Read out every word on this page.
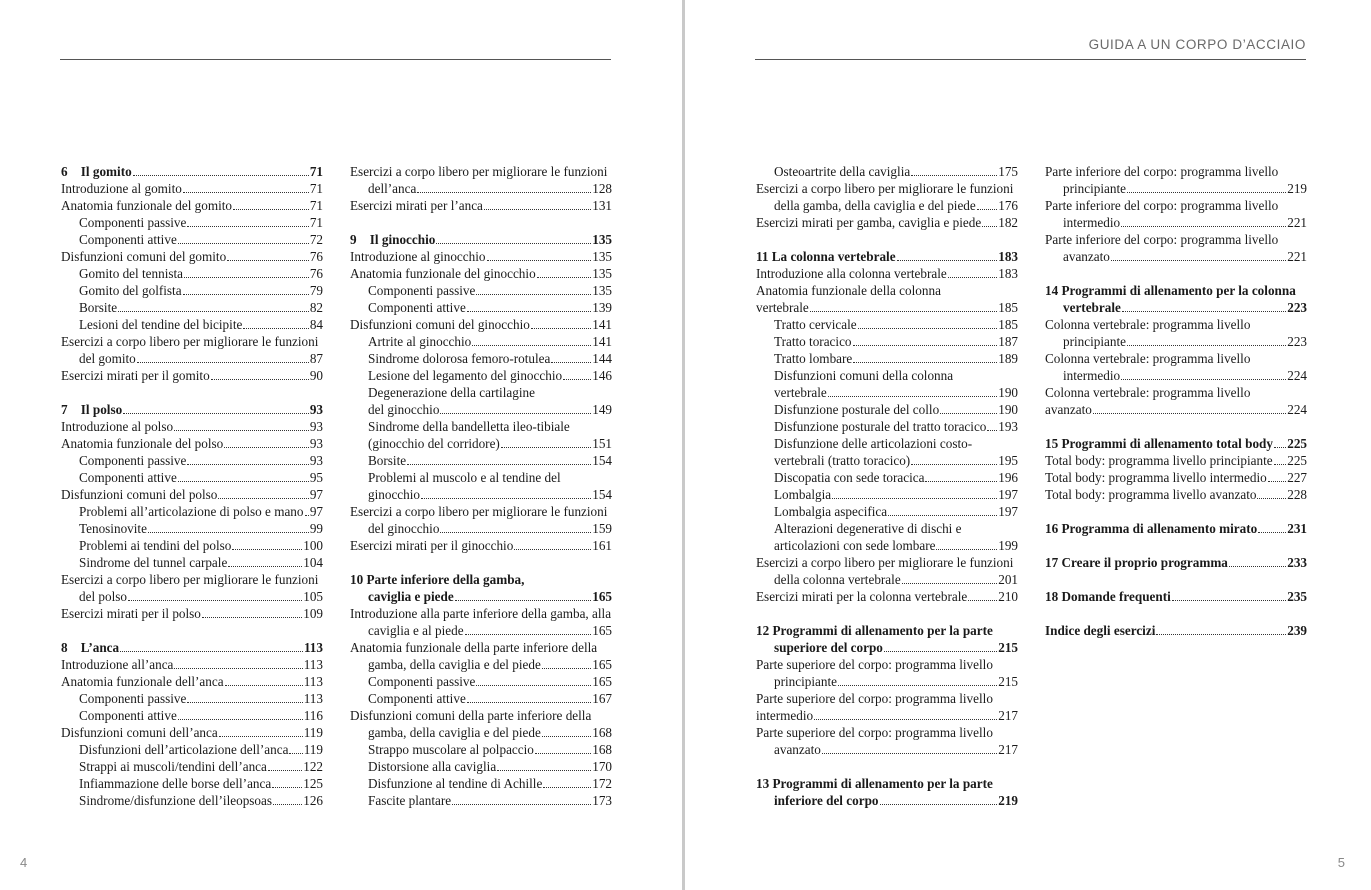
6 Il gomito	71
Introduzione al gomito	71
Anatomia funzionale del gomito	71
Componenti passive	71
Componenti attive	72
Disfunzioni comuni del gomito	76
Gomito del tennista	76
Gomito del golfista	79
Borsite	82
Lesioni del tendine del bicipite	84
Esercizi a corpo libero per migliorare le funzioni
del gomito	87
Esercizi mirati per il gomito	90
7 Il polso	93
Introduzione al polso	93
Anatomia funzionale del polso	93
Componenti passive	93
Componenti attive	95
Disfunzioni comuni del polso	97
Problemi all’articolazione di polso e mano 97
Tenosinovite	99
Problemi ai tendini del polso	100
Sindrome del tunnel carpale	104
Esercizi a corpo libero per migliorare le funzioni
del polso	105
Esercizi mirati per il polso	109
8 L’anca	113
Introduzione all’anca	113
Anatomia funzionale dell’anca	113
Componenti passive	113
Componenti attive	116
Disfunzioni comuni dell’anca	119
Disfunzioni dell’articolazione dell’anca 119
Strappi ai muscoli/tendini dell’anca	122
Infiammazione delle borse dell’anca 125
Sindrome/disfunzione dell’ileopsoas 126
Esercizi a corpo libero per migliorare le funzioni
dell’anca	128
Esercizi mirati per l’anca	131
9 Il ginocchio	135
Introduzione al ginocchio	135
Anatomia funzionale del ginocchio	135
Componenti passive	135
Componenti attive	139
Disfunzioni comuni del ginocchio	141
Artrite al ginocchio	141
Sindrome dolorosa femoro-rotulea	144
Lesione del legamento del ginocchio 146
Degenerazione della cartilagine
del ginocchio	149
Sindrome della bandelletta ileo-tibiale
(ginocchio del corridore)	151
Borsite	154
Problemi al muscolo e al tendine del
ginocchio	154
Esercizi a corpo libero per migliorare le funzioni
del ginocchio	159
Esercizi mirati per il ginocchio	161
10 Parte inferiore della gamba,
caviglia e piede	165
Introduzione alla parte inferiore della gamba, alla
caviglia e al piede	165
Anatomia funzionale della parte inferiore della
gamba, della caviglia e del piede	165
Componenti passive	165
Componenti attive	167
Disfunzioni comuni della parte inferiore della
gamba, della caviglia e del piede	168
Strappo muscolare al polpaccio	168
Distorsione alla caviglia	170
Disfunzione al tendine di Achille	172
Fascite plantare	173
4
GUIDA A UN CORPO D’ACCIAIO
Osteoartrite della caviglia	175
Esercizi a corpo libero per migliorare le funzioni
della gamba, della caviglia e del piede 176
Esercizi mirati per gamba, caviglia e piede 182
11 La colonna vertebrale	183
Introduzione alla colonna vertebrale	183
Anatomia funzionale della colonna
vertebrale	185
Tratto cervicale	185
Tratto toracico	187
Tratto lombare	189
Disfunzioni comuni della colonna
vertebrale	190
Disfunzione posturale del collo	190
Disfunzione posturale del tratto toracico 193
Disfunzione delle articolazioni costo-
vertebrali (tratto toracico)	195
Discopatia con sede toracica	196
Lombalgia	197
Lombalgia aspecifica	197
Alterazioni degenerative di dischi e
articolazioni con sede lombare	199
Esercizi a corpo libero per migliorare le funzioni
della colonna vertebrale	201
Esercizi mirati per la colonna vertebrale 210
12 Programmi di allenamento per la parte
superiore del corpo	215
Parte superiore del corpo: programma livello
principiante	215
Parte superiore del corpo: programma livello
intermedio	217
Parte superiore del corpo: programma livello
avanzato	217
13 Programmi di allenamento per la parte
inferiore del corpo	219
Parte inferiore del corpo: programma livello
principiante	219
Parte inferiore del corpo: programma livello
intermedio	221
Parte inferiore del corpo: programma livello
avanzato	221
14 Programmi di allenamento per la colonna
vertebrale	223
Colonna vertebrale: programma livello
principiante	223
Colonna vertebrale: programma livello
intermedio	224
Colonna vertebrale: programma livello
avanzato	224
15 Programmi di allenamento total body 225
Total body: programma livello principiante 225
Total body: programma livello intermedio 227
Total body: programma livello avanzato 228
16 Programma di allenamento mirato 231
17 Creare il proprio programma	233
18 Domande frequenti	235
Indice degli esercizi	239
5
